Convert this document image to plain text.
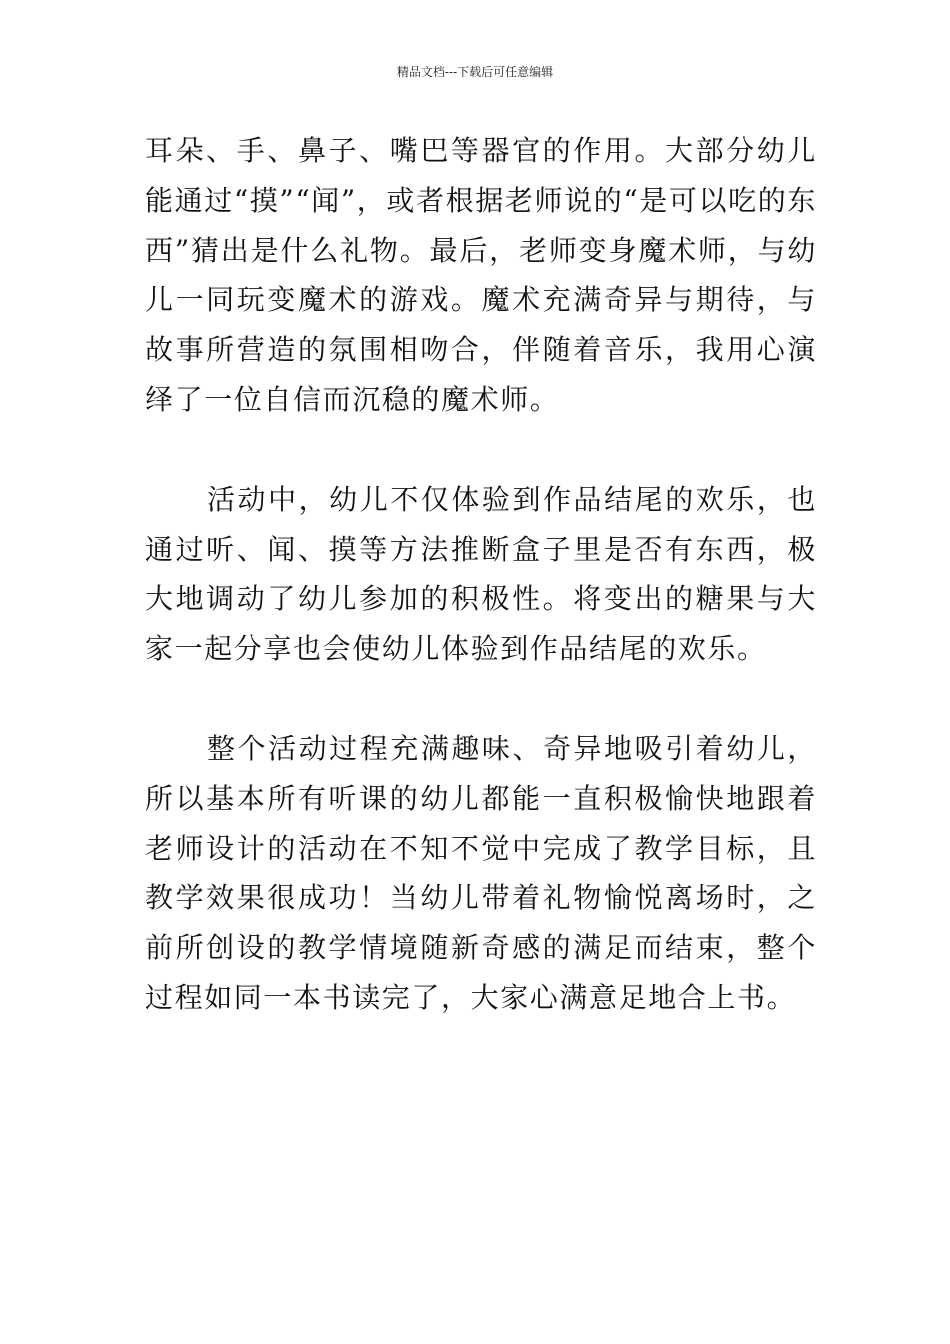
精品文档---下载后可任意编辑

耳朵、手、鼻子、嘴巴等器官的作用。大部分幼儿能通过“摸”“闻”，或者根据老师说的“是可以吃的东西”猜出是什么礼物。最后，老师变身魔术师，与幼儿一同玩变魔术的游戏。魔术充满奇异与期待，与故事所营造的氛围相吻合，伴随着音乐，我用心演绎了一位自信而沉稳的魔术师。

活动中，幼儿不仅体验到作品结尾的欢乐，也通过听、闻、摸等方法推断盒子里是否有东西，极大地调动了幼儿参加的积极性。将变出的糖果与大家一起分享也会使幼儿体验到作品结尾的欢乐。

整个活动过程充满趣味、奇异地吸引着幼儿，所以基本所有听课的幼儿都能一直积极愉快地跟着老师设计的活动在不知不觉中完成了教学目标，且教学效果很成功！当幼儿带着礼物愉悦离场时，之前所创设的教学情境随新奇感的满足而结束，整个过程如同一本书读完了，大家心满意足地合上书。
